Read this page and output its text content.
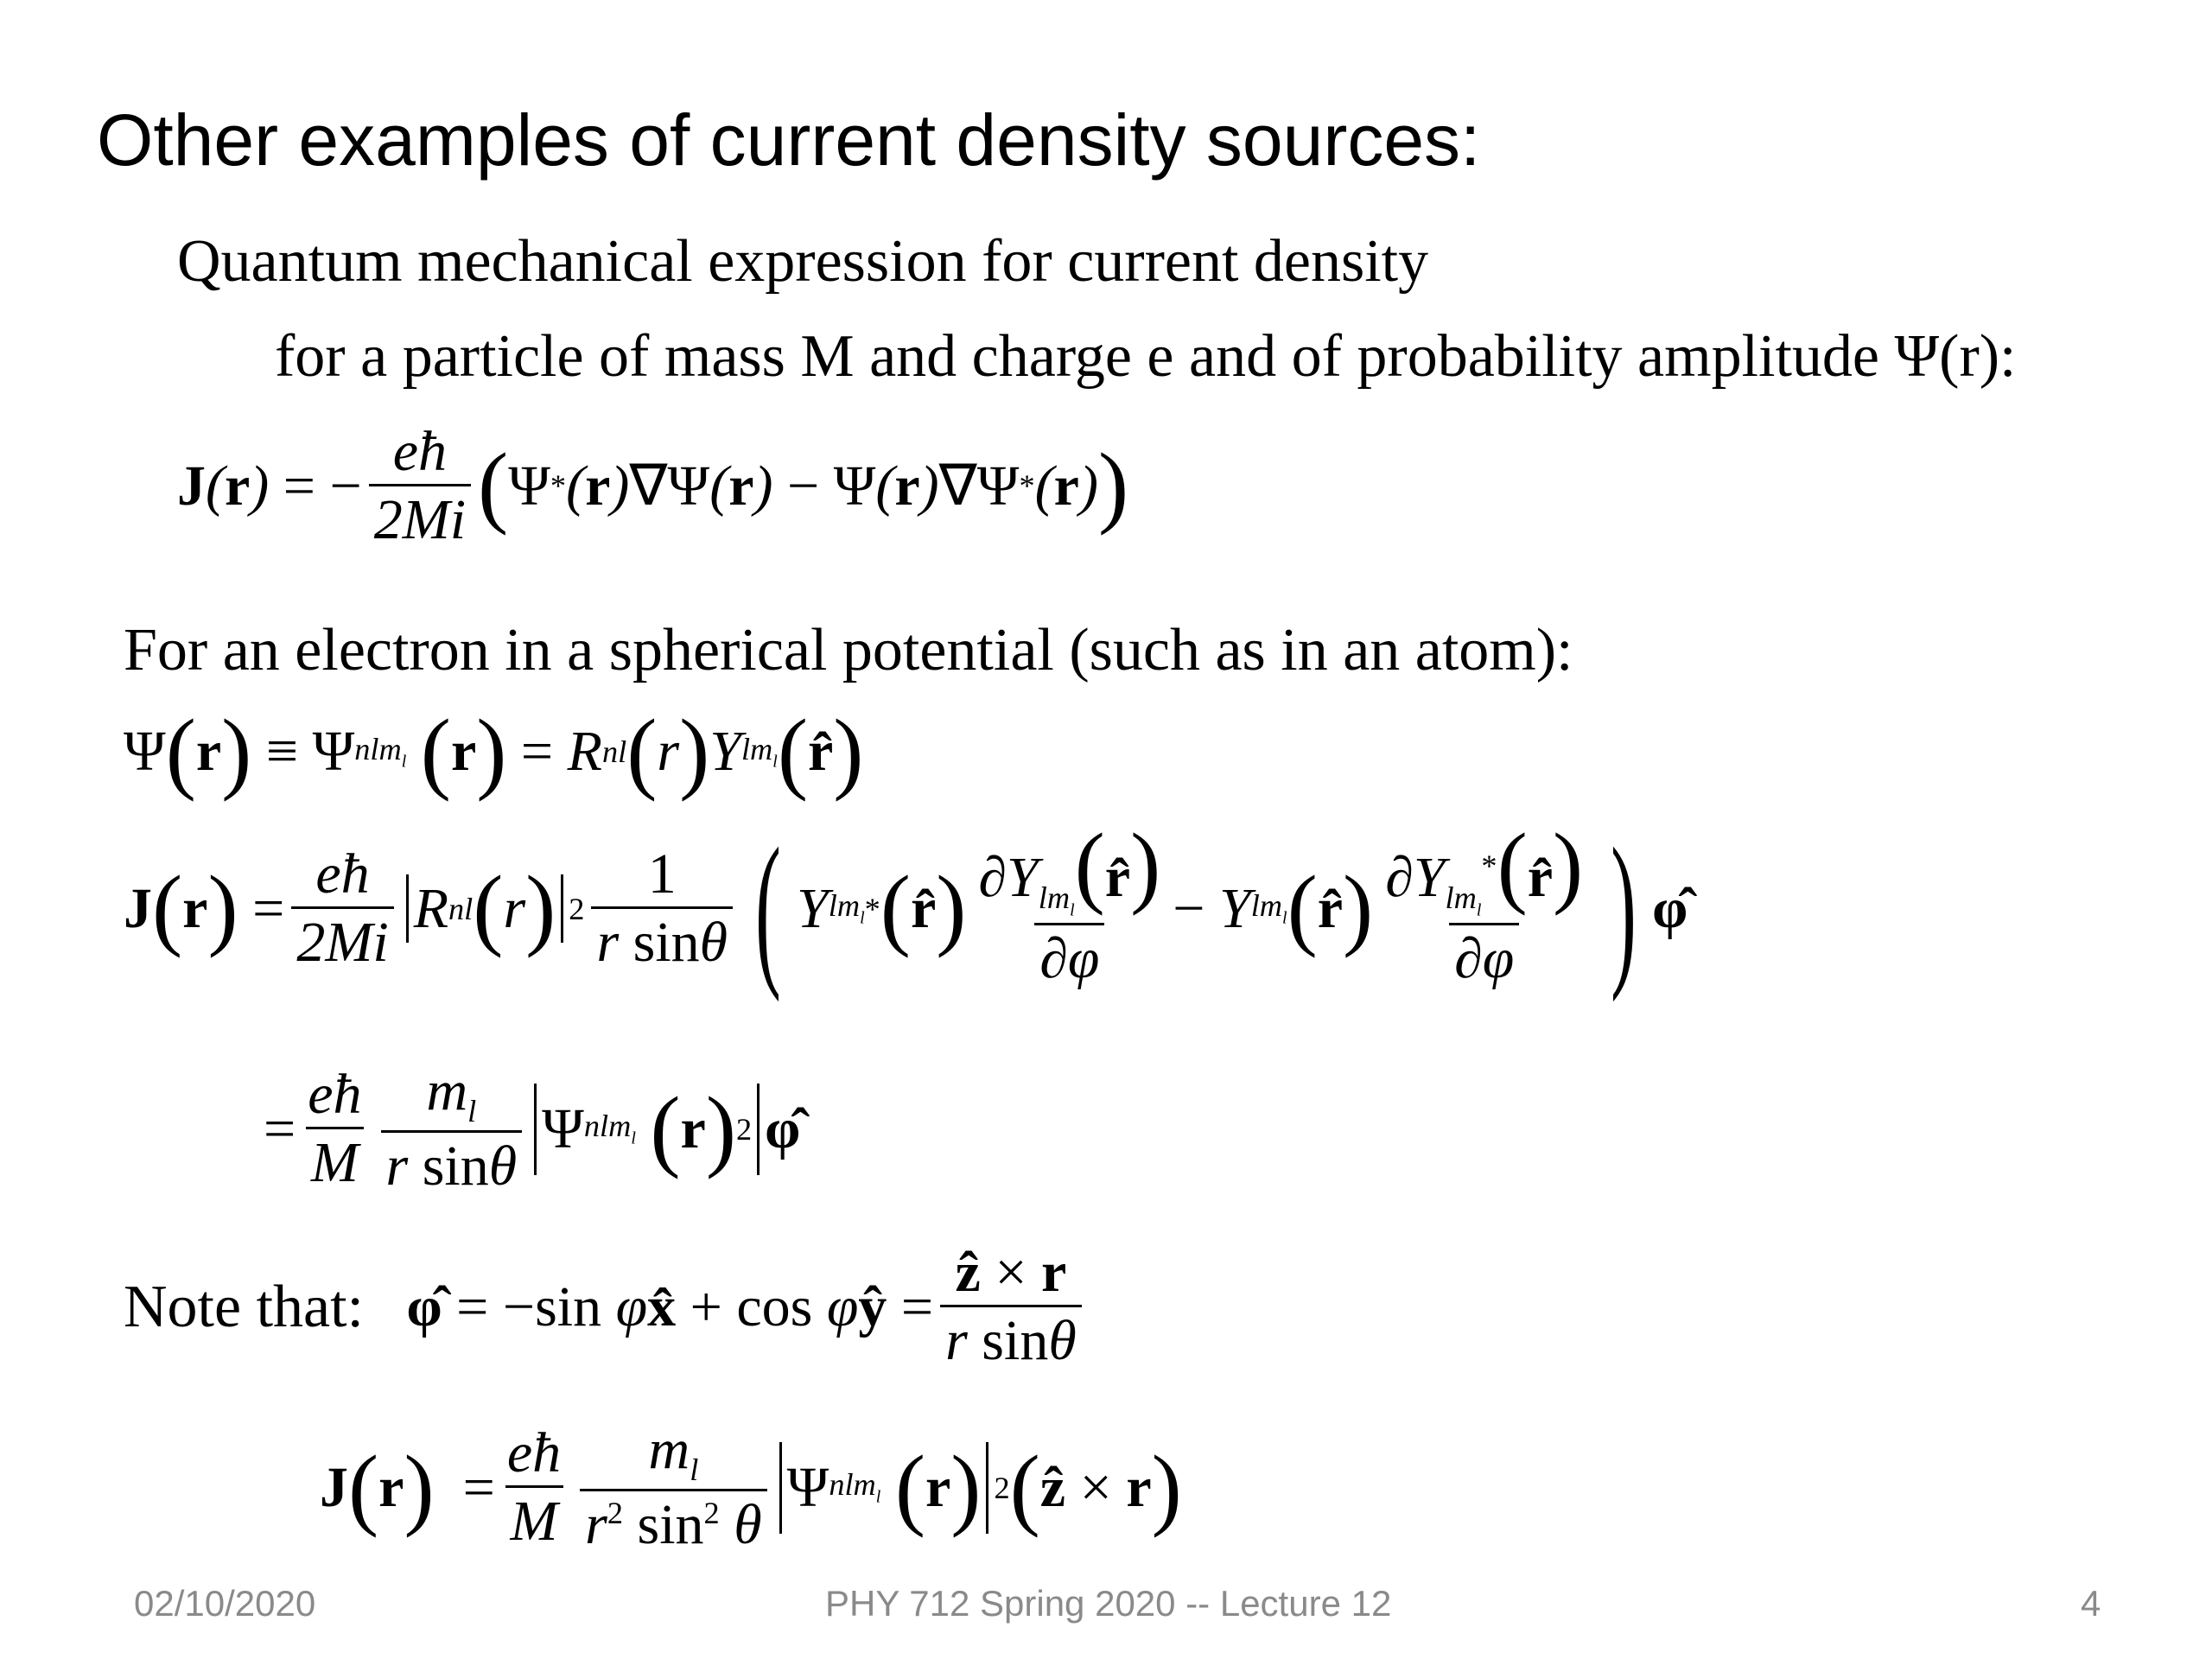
Other examples of current density sources:
Quantum mechanical expression for current density
for a particle of mass M and charge e and of probability amplitude Ψ(r):
J ( r ) = − $\frac{eħ}{2Mi}$ ( Ψ * ( r ) ∇Ψ ( r ) − Ψ ( r ) ∇Ψ * ( r ) )
For an electron in a spherical potential (such as in an atom):
Ψ ( r ) ≡ Ψ nlm$_l$
( r ) = R nl ( r ) Y $lm_l$ ( r̂ )
J ( r ) = $\frac{eħ}{2Mi}$ R nl ( r ) $2 \frac{1}{\text{r sinθ}}$ ( Y $lm_l$ * ( r̂ ) $\frac{\partial Y_{lm_l}(r̂)}{\partial\varphi} - Y$ $lm_l$ ( r̂ ) $\frac{\partial Y_{lm_l}^*(r̂)}{\partial\varphi}$ ) φ̂
= $\frac{eħ}{M} \frac{m_l}{\text{r sinθ}}$ Ψ nlm$_l$
( r ) 2 φ̂
Note that:
φ̂ = −sin φ x̂ + cos φ ŷ = $\frac{\text{ẑ × r}}{\text{r sinθ}}$
J ( r ) = $\frac{eħ}{M} \frac{m_l}{r^2 \sin^2 \theta}$ Ψ nlm$_l$
( r ) 2 ( ẑ × r )
02/10/2020	PHY 712 Spring 2020 -- Lecture 12	4
